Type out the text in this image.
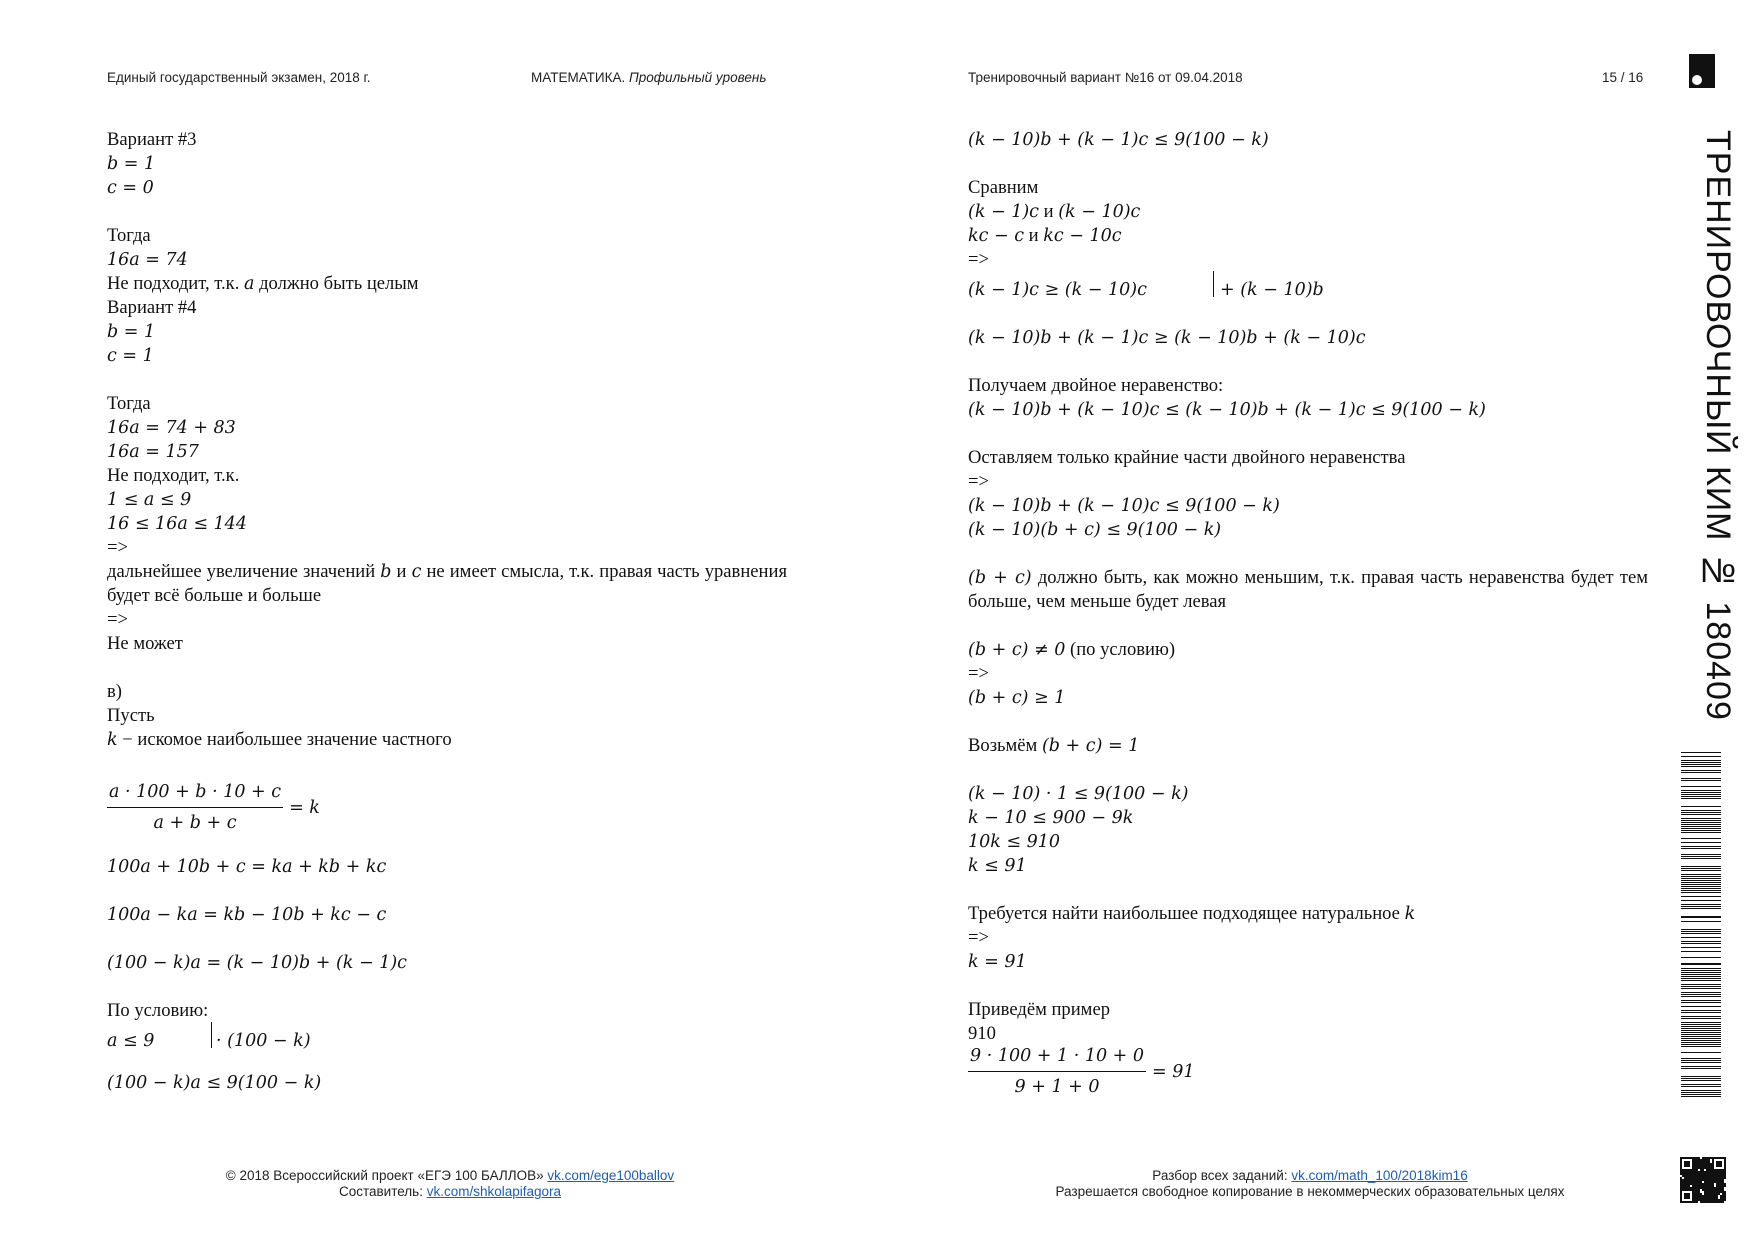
Единый государственный экзамен, 2018 г.	МАТЕМАТИКА. Профильный уровень	Тренировочный вариант №16 от 09.04.2018	15 / 16
ТРЕНИРОВОЧНЫЙ КИМ № 180409
Вариант #3
b = 1
c = 0
Тогда
16a = 74
Не подходит, т.к. a должно быть целым
Вариант #4
b = 1
c = 1
Тогда
16a = 74 + 83
16a = 157
Не подходит, т.к.
1 ≤ a ≤ 9
16 ≤ 16a ≤ 144
=>
дальнейшее увеличение значений b и c не имеет смысла, т.к. правая часть уравнения будет всё больше и больше
=>
Не может
в)
Пусть
k − искомое наибольшее значение частного
$\frac{a \cdot 100 + b \cdot 10 + c}{a + b + c} = k$
100a + 10b + c = ka + kb + kc
100a − ka = kb − 10b + kc − c
(100 − k)a = (k − 10)b + (k − 1)c
По условию:
a ≤ 9	· (100 − k)
(100 − k)a ≤ 9(100 − k)
(k − 10)b + (k − 1)c ≤ 9(100 − k)
Сравним
(k − 1)c и (k − 10)c
kc − c и kc − 10c
=>
(k − 1)c ≥ (k − 10)c	+ (k − 10)b
(k − 10)b + (k − 1)c ≥ (k − 10)b + (k − 10)c
Получаем двойное неравенство:
(k − 10)b + (k − 10)c ≤ (k − 10)b + (k − 1)c ≤ 9(100 − k)
Оставляем только крайние части двойного неравенства
=>
(k − 10)b + (k − 10)c ≤ 9(100 − k)
(k − 10)(b + c) ≤ 9(100 − k)
(b + c) должно быть, как можно меньшим, т.к. правая часть неравенства будет тем больше, чем меньше будет левая
(b + c) ≠ 0 (по условию)
=>
(b + c) ≥ 1
Возьмём (b + c) = 1
(k − 10) · 1 ≤ 9(100 − k)
k − 10 ≤ 900 − 9k
10k ≤ 910
k ≤ 91
Требуется найти наибольшее подходящее натуральное k
=>
k = 91
Приведём пример
910
$\frac{9 \cdot 100 + 1 \cdot 10 + 0}{9 + 1 + 0} = 91$
© 2018 Всероссийский проект «ЕГЭ 100 БАЛЛОВ» vk.com/ege100ballov
Составитель: vk.com/shkolapifagora
Разбор всех заданий: vk.com/math_100/2018kim16
Разрешается свободное копирование в некоммерческих образовательных целях
